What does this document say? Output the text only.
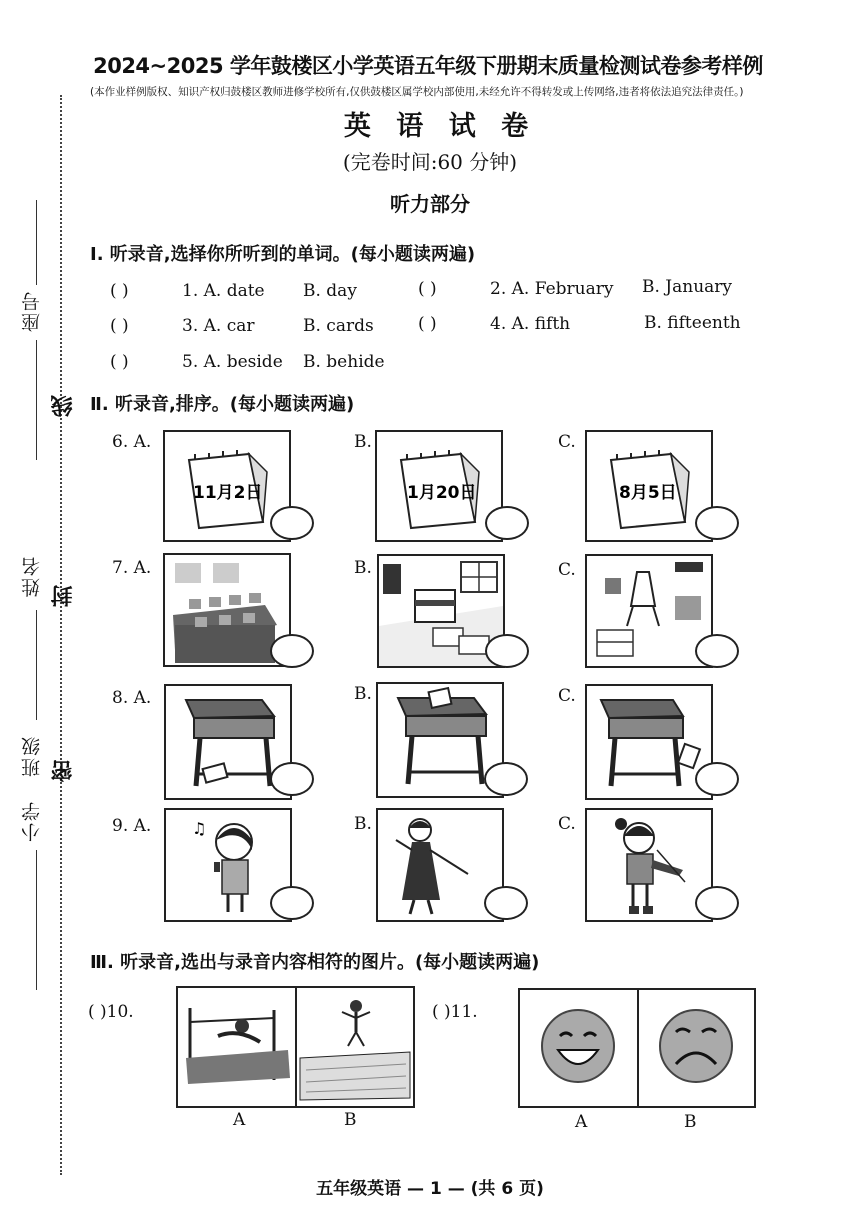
座号
姓名
班级
小学
线
封
密
2024~2025 学年鼓楼区小学英语五年级下册期末质量检测试卷参考样例
(本作业样例版权、知识产权归鼓楼区教师进修学校所有,仅供鼓楼区属学校内部使用,未经允许不得转发或上传网络,违者将依法追究法律责任。)
英 语 试 卷
(完卷时间:60 分钟)
听力部分
Ⅰ. 听录音,选择你所听到的单词。(每小题读两遍)
( )	1. A. date B. day	( )	2. A. February B. January
( )	3. A. car	B. cards	( )	4. A. fifth	B. fifteenth
( )	5. A. beside B. behide
Ⅱ. 听录音,排序。(每小题读两遍)
6. A.	B.	C.
11月2日	1月20日	8月5日
7. A.	B.	C.
8. A.	B.	C.
9. A.	B.	C.
♫
Ⅲ. 听录音,选出与录音内容相符的图片。(每小题读两遍)
( )10.
A	B
( )11.
A	B
五年级英语 — 1 — (共 6 页)
